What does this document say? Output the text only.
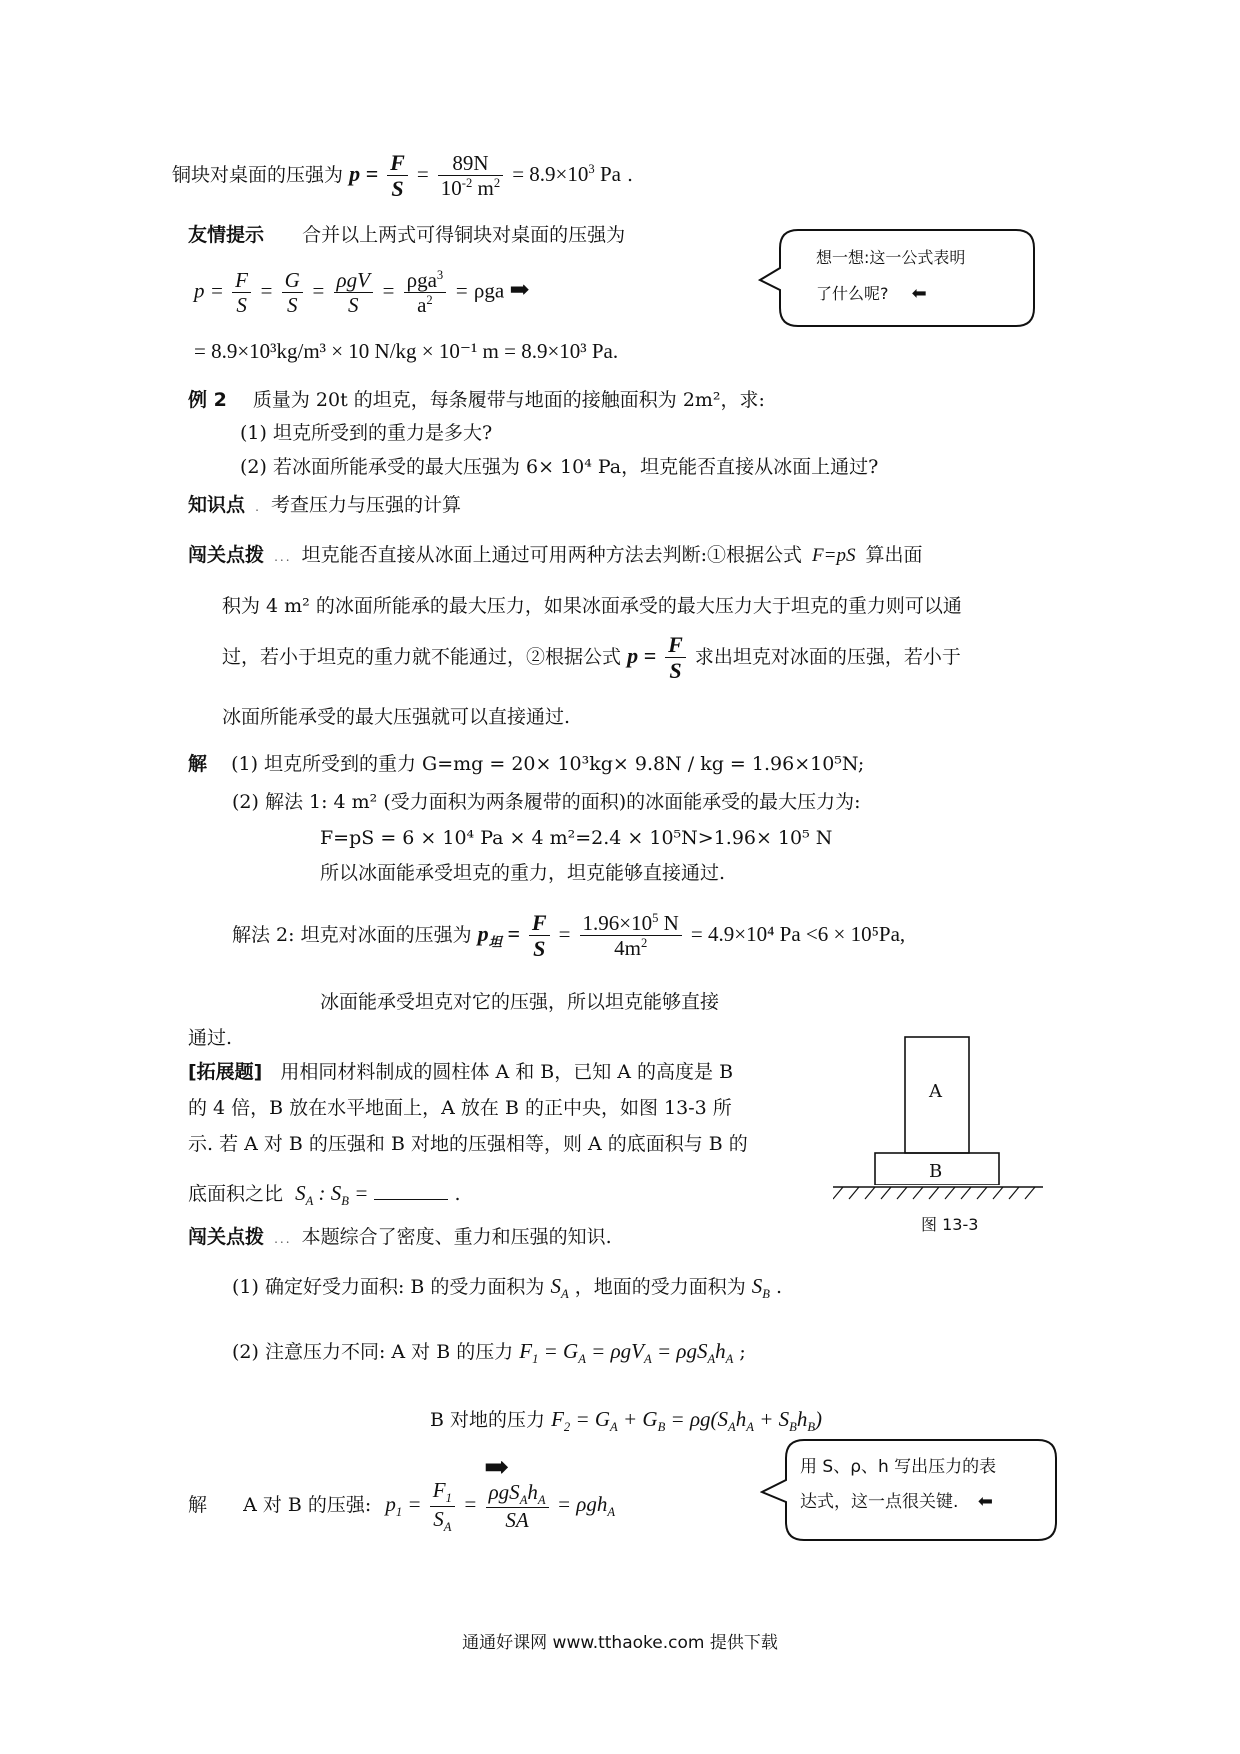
铜块对桌面的压强为 $p = \frac{F}{S} = \frac{89N}{10^{-2} m^2} = 8.9\times 10^3$ Pa .
友情提示 合并以上两式可得铜块对桌面的压强为
$p = \frac{F}{S} = \frac{G}{S} = \frac{\text{ρgV}}{S} = \frac{\rho ga^3}{a^2} = \rho ga$ ➡
= 8.9×10³kg/m³ × 10 N/kg × 10⁻¹ m = 8.9×10³ Pa.
想一想:这一公式表明
了什么呢? ⬅
例 2 质量为 20t 的坦克，每条履带与地面的接触面积为 2m²，求:
(1) 坦克所受到的重力是多大?
(2) 若冰面所能承受的最大压强为 6× 10⁴ Pa，坦克能否直接从冰面上通过?
知识点 . 考查压力与压强的计算
闯关点拨 ... 坦克能否直接从冰面上通过可用两种方法去判断:①根据公式 F=pS 算出面
积为 4 m² 的冰面所能承的最大压力，如果冰面承受的最大压力大于坦克的重力则可以通
过，若小于坦克的重力就不能通过，②根据公式 $p = \frac{F}{S}$ 求出坦克对冰面的压强，若小于
冰面所能承受的最大压强就可以直接通过.
解 (1) 坦克所受到的重力 G=mg = 20× 10³kg× 9.8N / kg = 1.96×10⁵N;
(2) 解法 1: 4 m² (受力面积为两条履带的面积)的冰面能承受的最大压力为:
F=pS = 6 × 10⁴ Pa × 4 m²=2.4 × 10⁵N>1.96× 10⁵ N
所以冰面能承受坦克的重力，坦克能够直接通过.
解法 2: 坦克对冰面的压强为 $p_坦 = \frac{F}{S} = \frac{1.96\times 10^5 N}{4m^2} = 4.9\times 10^4$ Pa <6 × 10⁵Pa,
冰面能承受坦克对它的压强，所以坦克能够直接
通过.
[拓展题] 用相同材料制成的圆柱体 A 和 B，已知 A 的高度是 B
的 4 倍，B 放在水平地面上，A 放在 B 的正中央，如图 13-3 所
示. 若 A 对 B 的压强和 B 对地的压强相等，则 A 的底面积与 B 的
底面积之比 $S_A$ : $S_B$ =	.
A
B
图 13-3
闯关点拨 ... 本题综合了密度、重力和压强的知识.
(1) 确定好受力面积: B 的受力面积为 $S_A$ ，地面的受力面积为 $S_B$ .
(2) 注意压力不同: A 对 B 的压力 $F_1 = G_A = \rho gV_A = \rho gS_Ah_A$ ;
B 对地的压力 $F_2 = G_A + G_B = \rho g(S_Ah_A + S_Bh_B)$
解 A 对 B 的压强: $p_1 = \frac{F_1}{S_A} = \frac{\rho gS_Ah_A}{SA} = \rho gh_A$
➡	用 S、ρ、h 写出压力的表
达式，这一点很关键. ⬅
通通好课网 www.tthaoke.com 提供下载
